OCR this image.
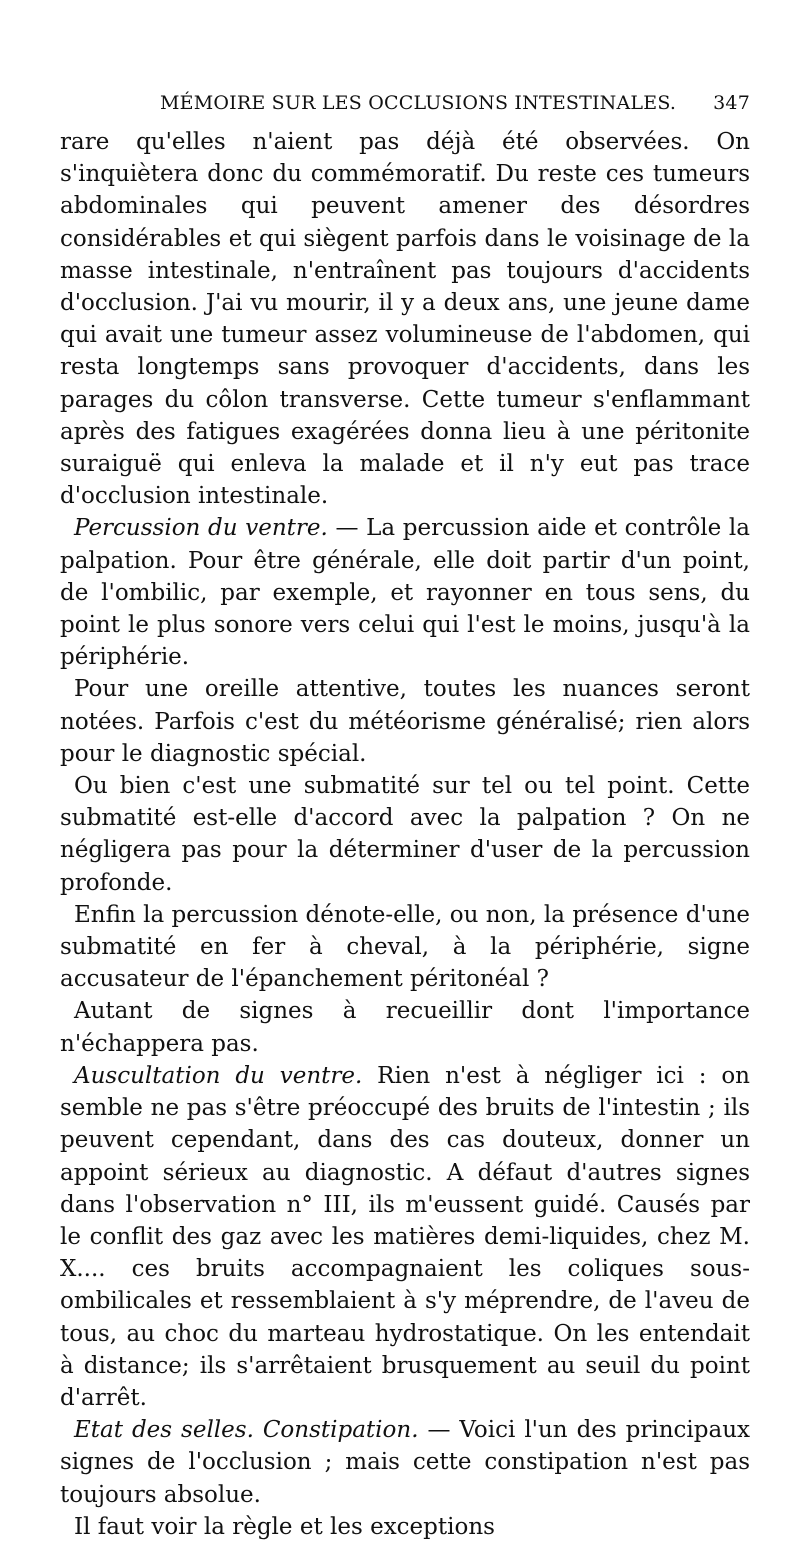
MÉMOIRE SUR LES OCCLUSIONS INTESTINALES. 347

rare qu'elles n'aient pas déjà été observées. On s'inquiètera donc du commémoratif. Du reste ces tumeurs abdominales qui peuvent amener des désordres considérables et qui siègent parfois dans le voisinage de la masse intestinale, n'entraînent pas toujours d'accidents d'occlusion. J'ai vu mourir, il y a deux ans, une jeune dame qui avait une tumeur assez volumineuse de l'abdomen, qui resta longtemps sans provoquer d'accidents, dans les parages du côlon transverse. Cette tumeur s'enflammant après des fatigues exagérées donna lieu à une péritonite suraiguë qui enleva la malade et il n'y eut pas trace d'occlusion intestinale.

Percussion du ventre. — La percussion aide et contrôle la palpation. Pour être générale, elle doit partir d'un point, de l'ombilic, par exemple, et rayonner en tous sens, du point le plus sonore vers celui qui l'est le moins, jusqu'à la périphérie.

Pour une oreille attentive, toutes les nuances seront notées. Parfois c'est du météorisme généralisé; rien alors pour le diagnostic spécial.

Ou bien c'est une submatité sur tel ou tel point. Cette submatité est-elle d'accord avec la palpation ? On ne négligera pas pour la déterminer d'user de la percussion profonde.

Enfin la percussion dénote-elle, ou non, la présence d'une submatité en fer à cheval, à la périphérie, signe accusateur de l'épanchement péritonéal ?

Autant de signes à recueillir dont l'importance n'échappera pas.

Auscultation du ventre. Rien n'est à négliger ici : on semble ne pas s'être préoccupé des bruits de l'intestin ; ils peuvent cependant, dans des cas douteux, donner un appoint sérieux au diagnostic. A défaut d'autres signes dans l'observation n° III, ils m'eussent guidé. Causés par le conflit des gaz avec les matières demi-liquides, chez M. X.... ces bruits accompagnaient les coliques sous-ombilicales et ressemblaient à s'y méprendre, de l'aveu de tous, au choc du marteau hydrostatique. On les entendait à distance; ils s'arrêtaient brusquement au seuil du point d'arrêt.

Etat des selles. Constipation. — Voici l'un des principaux signes de l'occlusion ; mais cette constipation n'est pas toujours absolue.

Il faut voir la règle et les exceptions
